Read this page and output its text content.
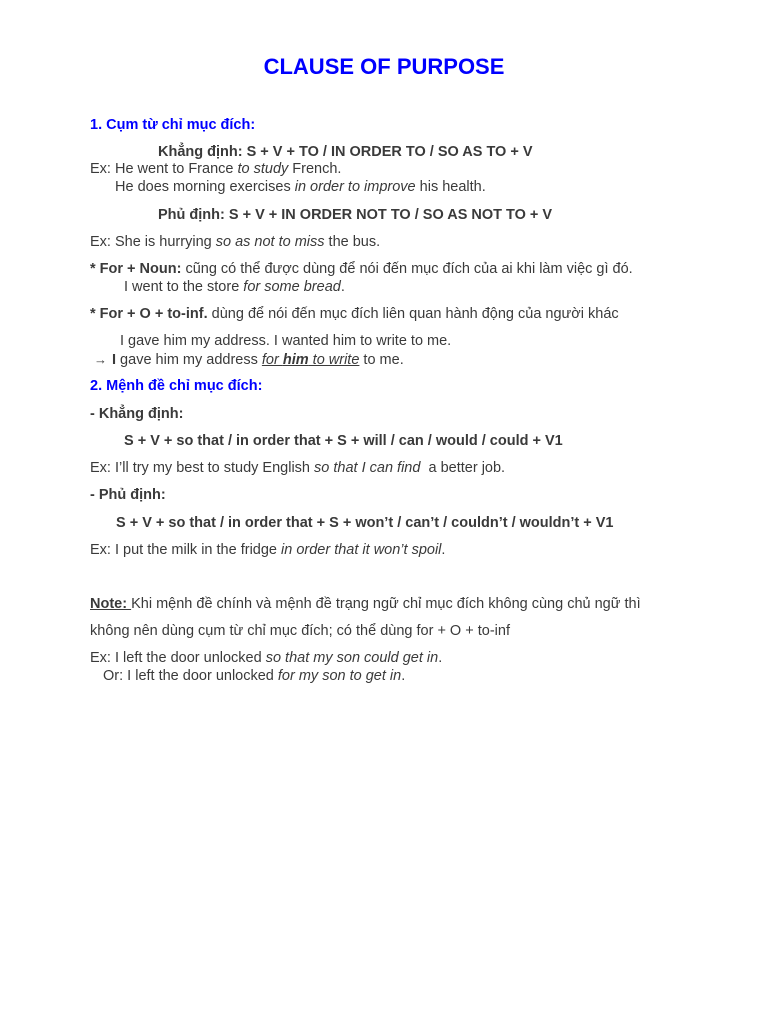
CLAUSE OF PURPOSE
1. Cụm từ chỉ mục đích:
Khẳng định: S + V + TO / IN ORDER TO / SO AS TO + V
Ex: He went to France to study French.
He does morning exercises in order to improve his health.
Phủ định: S + V + IN ORDER NOT TO / SO AS NOT TO + V
Ex: She is hurrying so as not to miss the bus.
* For + Noun: cũng có thể được dùng để nói đến mục đích của ai khi làm việc gì đó.
I went to the store for some bread.
* For + O + to-inf. dùng để nói đến mục đích liên quan hành động của người khác
I gave him my address. I wanted him to write to me.
→ I gave him my address for him to write to me.
2. Mệnh đề chỉ mục đích:
- Khẳng định:
S + V + so that / in order that + S + will / can / would / could + V1
Ex: I’ll try my best to study English so that I can find  a better job.
- Phủ định:
S + V + so that / in order that + S + won’t / can’t / couldn’t / wouldn’t + V1
Ex: I put the milk in the fridge in order that it won’t spoil.
Note: Khi mệnh đề chính và mệnh đề trạng ngữ chỉ mục đích không cùng chủ ngữ thì
không nên dùng cụm từ chỉ mục đích; có thể dùng for + O + to-inf
Ex: I left the door unlocked so that my son could get in.
Or: I left the door unlocked for my son to get in.
